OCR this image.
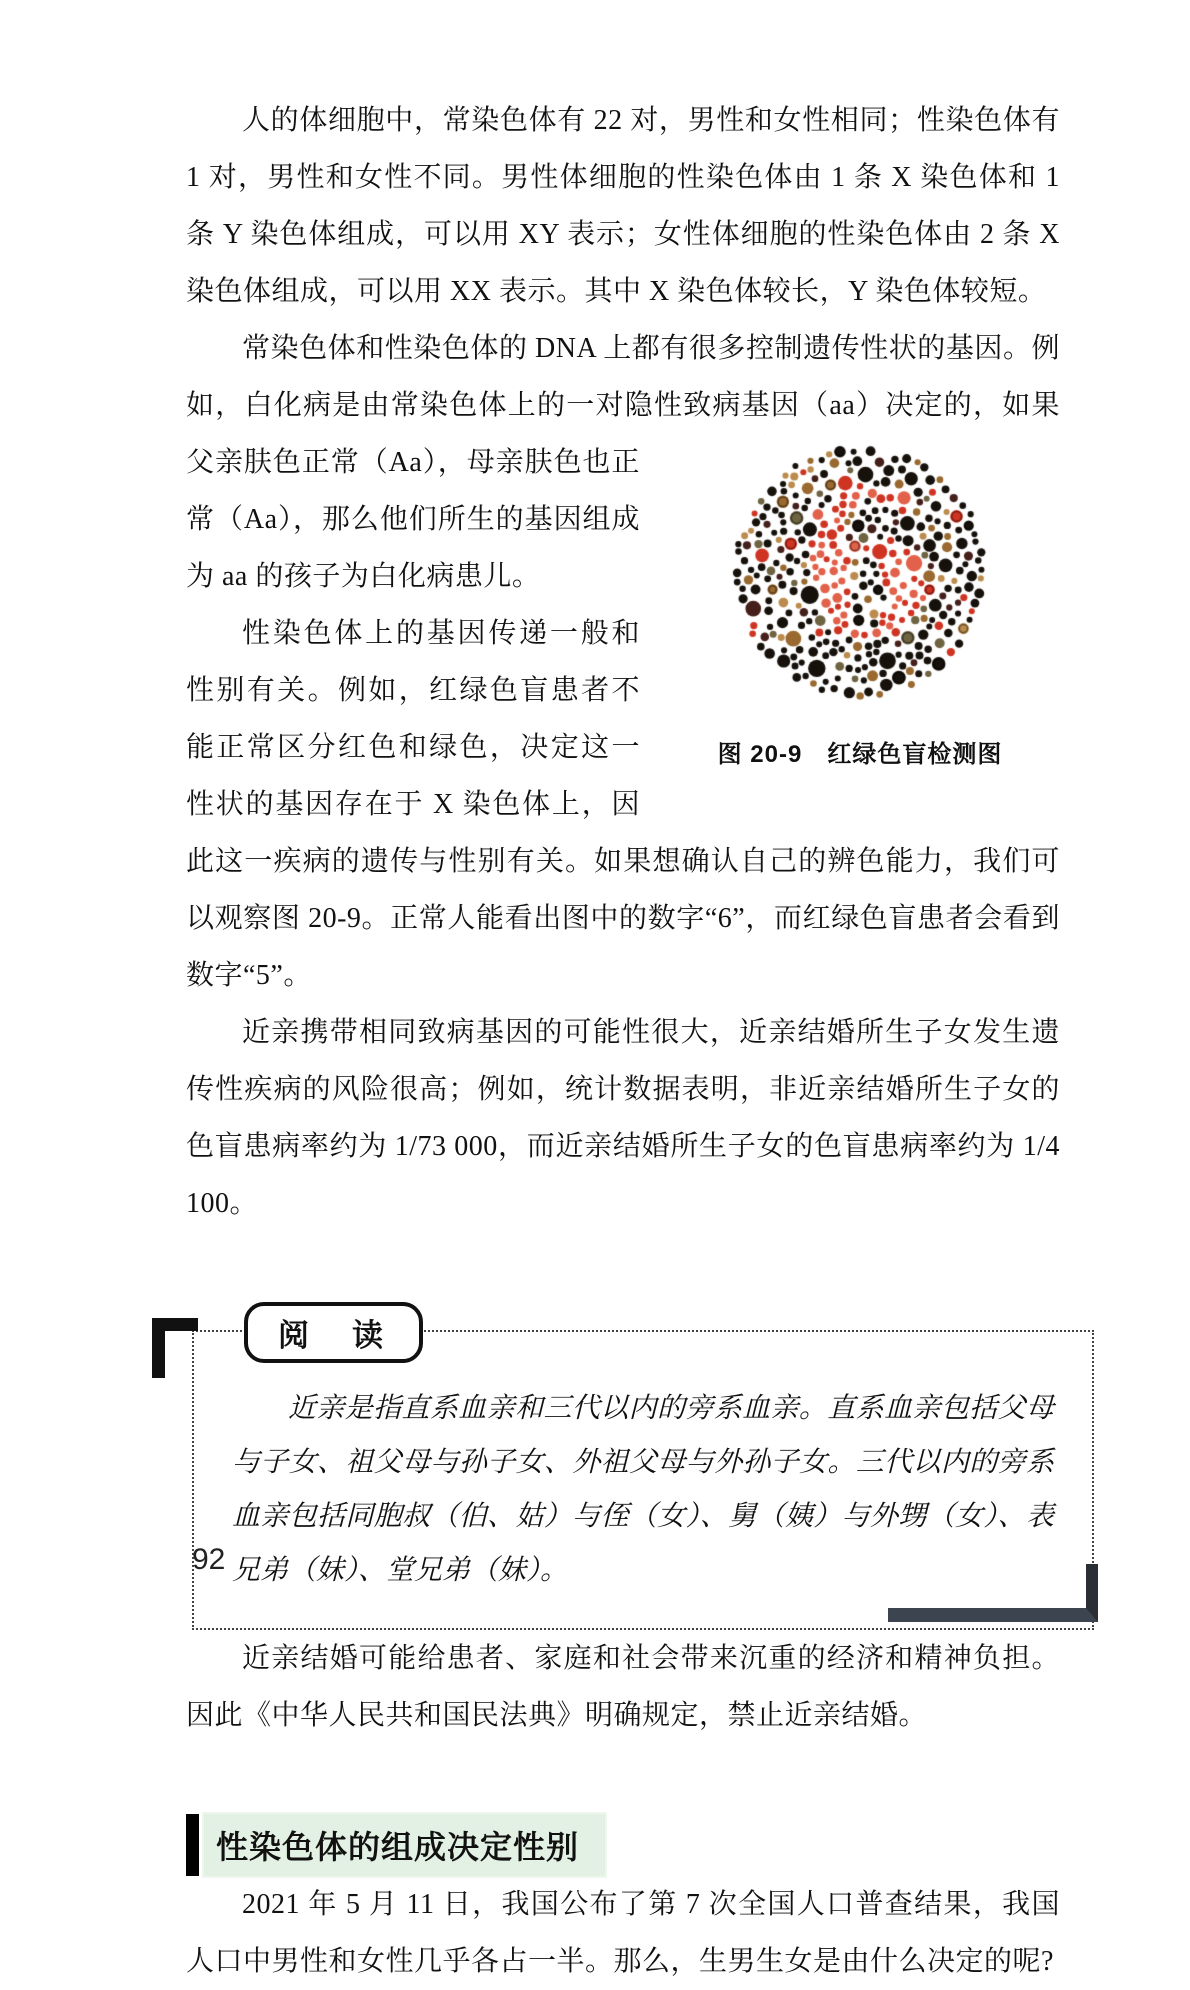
人的体细胞中，常染色体有 22 对，男性和女性相同；性染色体有 1 对，男性和女性不同。男性体细胞的性染色体由 1 条 X 染色体和 1 条 Y 染色体组成，可以用 XY 表示；女性体细胞的性染色体由 2 条 X 染色体组成，可以用 XX 表示。其中 X 染色体较长，Y 染色体较短。

常染色体和性染色体的 DNA 上都有很多控制遗传性状的基因。例如，白化病是由常染色体上的一对隐性致病基因（aa）决定的，如果父亲肤色正常（Aa），
图 20-9　红绿色盲检测图
母亲肤色也正常（Aa），那么他们所生的基因组成为 aa 的孩子为白化病患儿。

性染色体上的基因传递一般和性别有关。例如，红绿色盲患者不能正常区分红色和绿色，决定这一性状的基因存在于 X 染色体上，因此这一疾病的遗传与性别有关。如果想确认自己的辨色能力，我们可以观察图 20-9。正常人能看出图中的数字“6”，而红绿色盲患者会看到数字“5”。

近亲携带相同致病基因的可能性很大，近亲结婚所生子女发生遗传性疾病的风险很高；例如，统计数据表明，非近亲结婚所生子女的色盲患病率约为 1/73 000，而近亲结婚所生子女的色盲患病率约为 1/4 100。

阅　读

近亲是指直系血亲和三代以内的旁系血亲。直系血亲包括父母与子女、祖父母与孙子女、外祖父母与外孙子女。三代以内的旁系血亲包括同胞叔（伯、姑）与侄（女）、舅（姨）与外甥（女）、表兄弟（妹）、堂兄弟（妹）。

近亲结婚可能给患者、家庭和社会带来沉重的经济和精神负担。因此《中华人民共和国民法典》明确规定，禁止近亲结婚。

性染色体的组成决定性别

2021 年 5 月 11 日，我国公布了第 7 次全国人口普查结果，我国人口中男性和女性几乎各占一半。那么，生男生女是由什么决定的呢?

92
